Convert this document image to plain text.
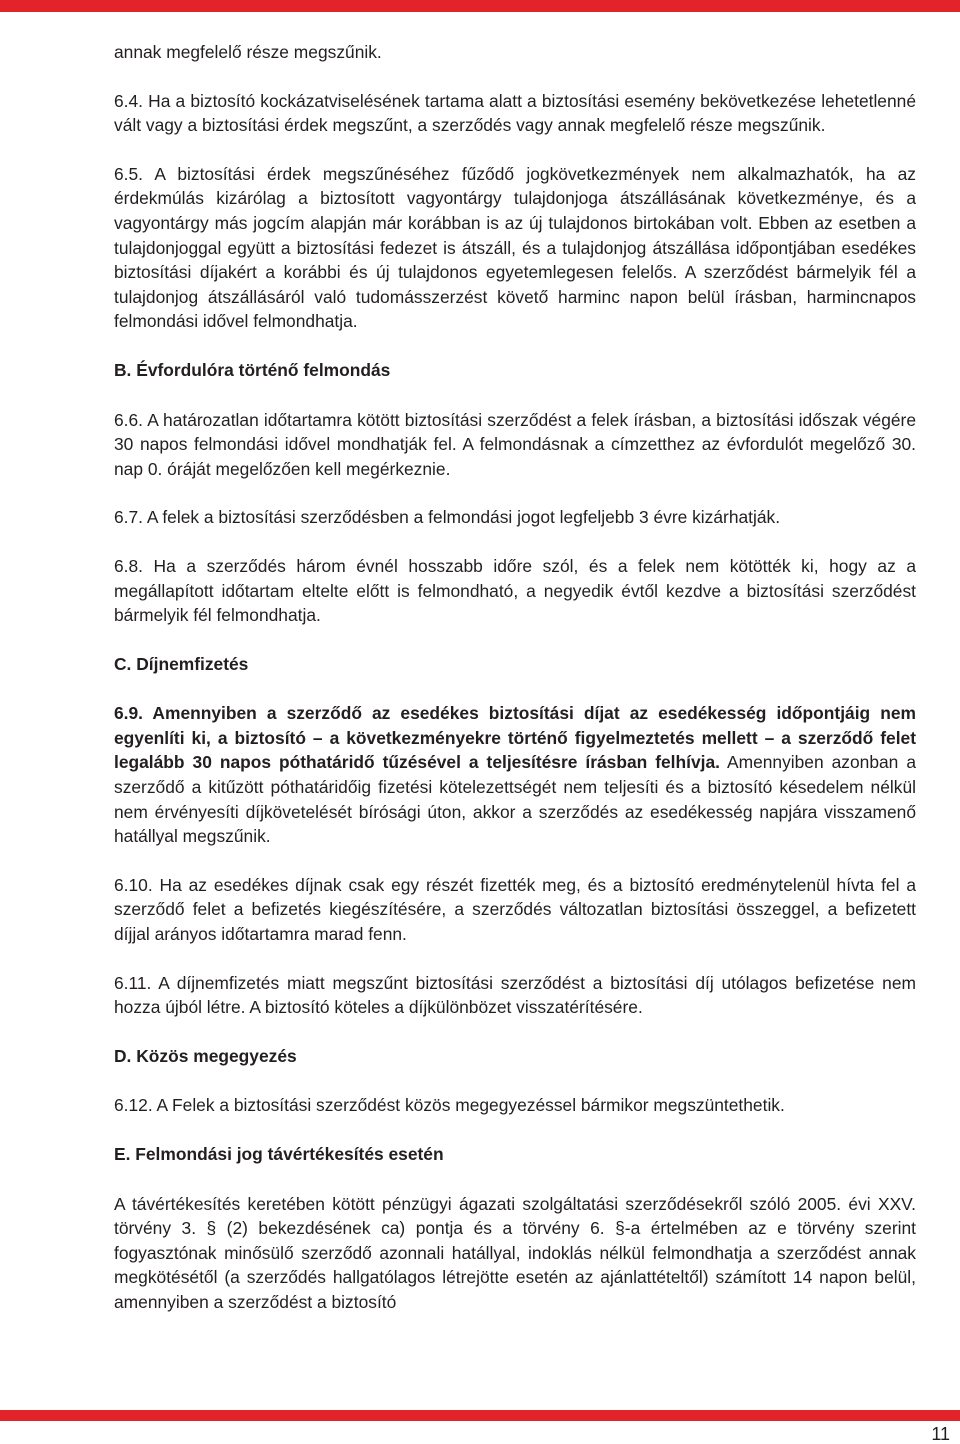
annak megfelelő része megszűnik.

6.4. Ha a biztosító kockázatviselésének tartama alatt a biztosítási esemény bekövetkezése lehetetlenné vált vagy a biztosítási érdek megszűnt, a szerződés vagy annak megfelelő része megszűnik.

6.5. A biztosítási érdek megszűnéséhez fűződő jogkövetkezmények nem alkalmazhatók, ha az érdekmúlás kizárólag a biztosított vagyontárgy tulajdonjoga átszállásának következménye, és a vagyontárgy más jogcím alapján már korábban is az új tulajdonos birtokában volt. Ebben az esetben a tulajdonjoggal együtt a biztosítási fedezet is átszáll, és a tulajdonjog átszállása időpontjában esedékes biztosítási díjakért a korábbi és új tulajdonos egyetemlegesen felelős. A szerződést bármelyik fél a tulajdonjog átszállásáról való tudomásszerzést követő harminc napon belül írásban, harmincnapos felmondási idővel felmondhatja.

B. Évfordulóra történő felmondás

6.6. A határozatlan időtartamra kötött biztosítási szerződést a felek írásban, a biztosítási időszak végére 30 napos felmondási idővel mondhatják fel. A felmondásnak a címzetthez az évfordulót megelőző 30. nap 0. óráját megelőzően kell megérkeznie.

6.7. A felek a biztosítási szerződésben a felmondási jogot legfeljebb 3 évre kizárhatják.

6.8. Ha a szerződés három évnél hosszabb időre szól, és a felek nem kötötték ki, hogy az a megállapított időtartam eltelte előtt is felmondható, a negyedik évtől kezdve a biztosítási szerződést bármelyik fél felmondhatja.

C. Díjnemfizetés

6.9. Amennyiben a szerződő az esedékes biztosítási díjat az esedékesség időpontjáig nem egyenlíti ki, a biztosító – a következményekre történő figyelmeztetés mellett – a szerződő felet legalább 30 napos póthatáridő tűzésével a teljesítésre írásban felhívja. Amennyiben azonban a szerződő a kitűzött póthatáridőig fizetési kötelezettségét nem teljesíti és a biztosító késedelem nélkül nem érvényesíti díjkövetelését bírósági úton, akkor a szerződés az esedékesség napjára visszamenő hatállyal megszűnik.

6.10. Ha az esedékes díjnak csak egy részét fizették meg, és a biztosító eredménytelenül hívta fel a szerződő felet a befizetés kiegészítésére, a szerződés változatlan biztosítási összeggel, a befizetett díjjal arányos időtartamra marad fenn.

6.11. A díjnemfizetés miatt megszűnt biztosítási szerződést a biztosítási díj utólagos befizetése nem hozza újból létre. A biztosító köteles a díjkülönbözet visszatérítésére.

D. Közös megegyezés

6.12. A Felek a biztosítási szerződést közös megegyezéssel bármikor megszüntethetik.

E. Felmondási jog távértékesítés esetén

A távértékesítés keretében kötött pénzügyi ágazati szolgáltatási szerződésekről szóló 2005. évi XXV. törvény 3. § (2) bekezdésének ca) pontja és a törvény 6. §-a értelmében az e törvény szerint fogyasztónak minősülő szerződő azonnali hatállyal, indoklás nélkül felmondhatja a szerződést annak megkötésétől (a szerződés hallgatólagos létrejötte esetén az ajánlattételtől) számított 14 napon belül, amennyiben a szerződést a biztosító

11
